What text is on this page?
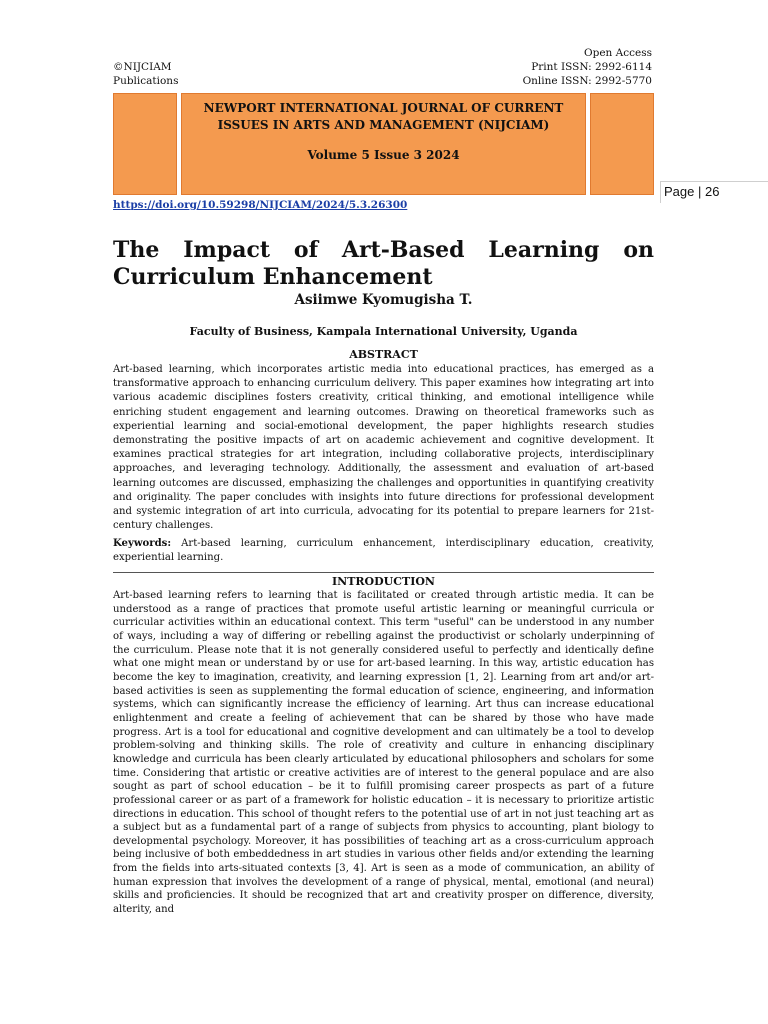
©NIJCIAM
Publications
Open Access
Print ISSN: 2992-6114
Online ISSN: 2992-5770
NEWPORT INTERNATIONAL JOURNAL OF CURRENT
ISSUES IN ARTS AND MANAGEMENT (NIJCIAM)
Volume 5 Issue 3 2024
Page | 26
https://doi.org/10.59298/NIJCIAM/2024/5.3.26300
The Impact of Art-Based Learning on Curriculum Enhancement
Asiimwe Kyomugisha T.
Faculty of Business, Kampala International University, Uganda
ABSTRACT
Art-based learning, which incorporates artistic media into educational practices, has emerged as a transformative approach to enhancing curriculum delivery. This paper examines how integrating art into various academic disciplines fosters creativity, critical thinking, and emotional intelligence while enriching student engagement and learning outcomes. Drawing on theoretical frameworks such as experiential learning and social-emotional development, the paper highlights research studies demonstrating the positive impacts of art on academic achievement and cognitive development. It examines practical strategies for art integration, including collaborative projects, interdisciplinary approaches, and leveraging technology. Additionally, the assessment and evaluation of art-based learning outcomes are discussed, emphasizing the challenges and opportunities in quantifying creativity and originality. The paper concludes with insights into future directions for professional development and systemic integration of art into curricula, advocating for its potential to prepare learners for 21st-century challenges.
Keywords: Art-based learning, curriculum enhancement, interdisciplinary education, creativity, experiential learning.
INTRODUCTION
Art-based learning refers to learning that is facilitated or created through artistic media. It can be understood as a range of practices that promote useful artistic learning or meaningful curricula or curricular activities within an educational context. This term "useful" can be understood in any number of ways, including a way of differing or rebelling against the productivist or scholarly underpinning of the curriculum. Please note that it is not generally considered useful to perfectly and identically define what one might mean or understand by or use for art-based learning. In this way, artistic education has become the key to imagination, creativity, and learning expression [1, 2]. Learning from art and/or art-based activities is seen as supplementing the formal education of science, engineering, and information systems, which can significantly increase the efficiency of learning. Art thus can increase educational enlightenment and create a feeling of achievement that can be shared by those who have made progress. Art is a tool for educational and cognitive development and can ultimately be a tool to develop problem-solving and thinking skills. The role of creativity and culture in enhancing disciplinary knowledge and curricula has been clearly articulated by educational philosophers and scholars for some time. Considering that artistic or creative activities are of interest to the general populace and are also sought as part of school education – be it to fulfill promising career prospects as part of a future professional career or as part of a framework for holistic education – it is necessary to prioritize artistic directions in education. This school of thought refers to the potential use of art in not just teaching art as a subject but as a fundamental part of a range of subjects from physics to accounting, plant biology to developmental psychology. Moreover, it has possibilities of teaching art as a cross-curriculum approach being inclusive of both embeddedness in art studies in various other fields and/or extending the learning from the fields into arts-situated contexts [3, 4]. Art is seen as a mode of communication, an ability of human expression that involves the development of a range of physical, mental, emotional (and neural) skills and proficiencies. It should be recognized that art and creativity prosper on difference, diversity, alterity, and
